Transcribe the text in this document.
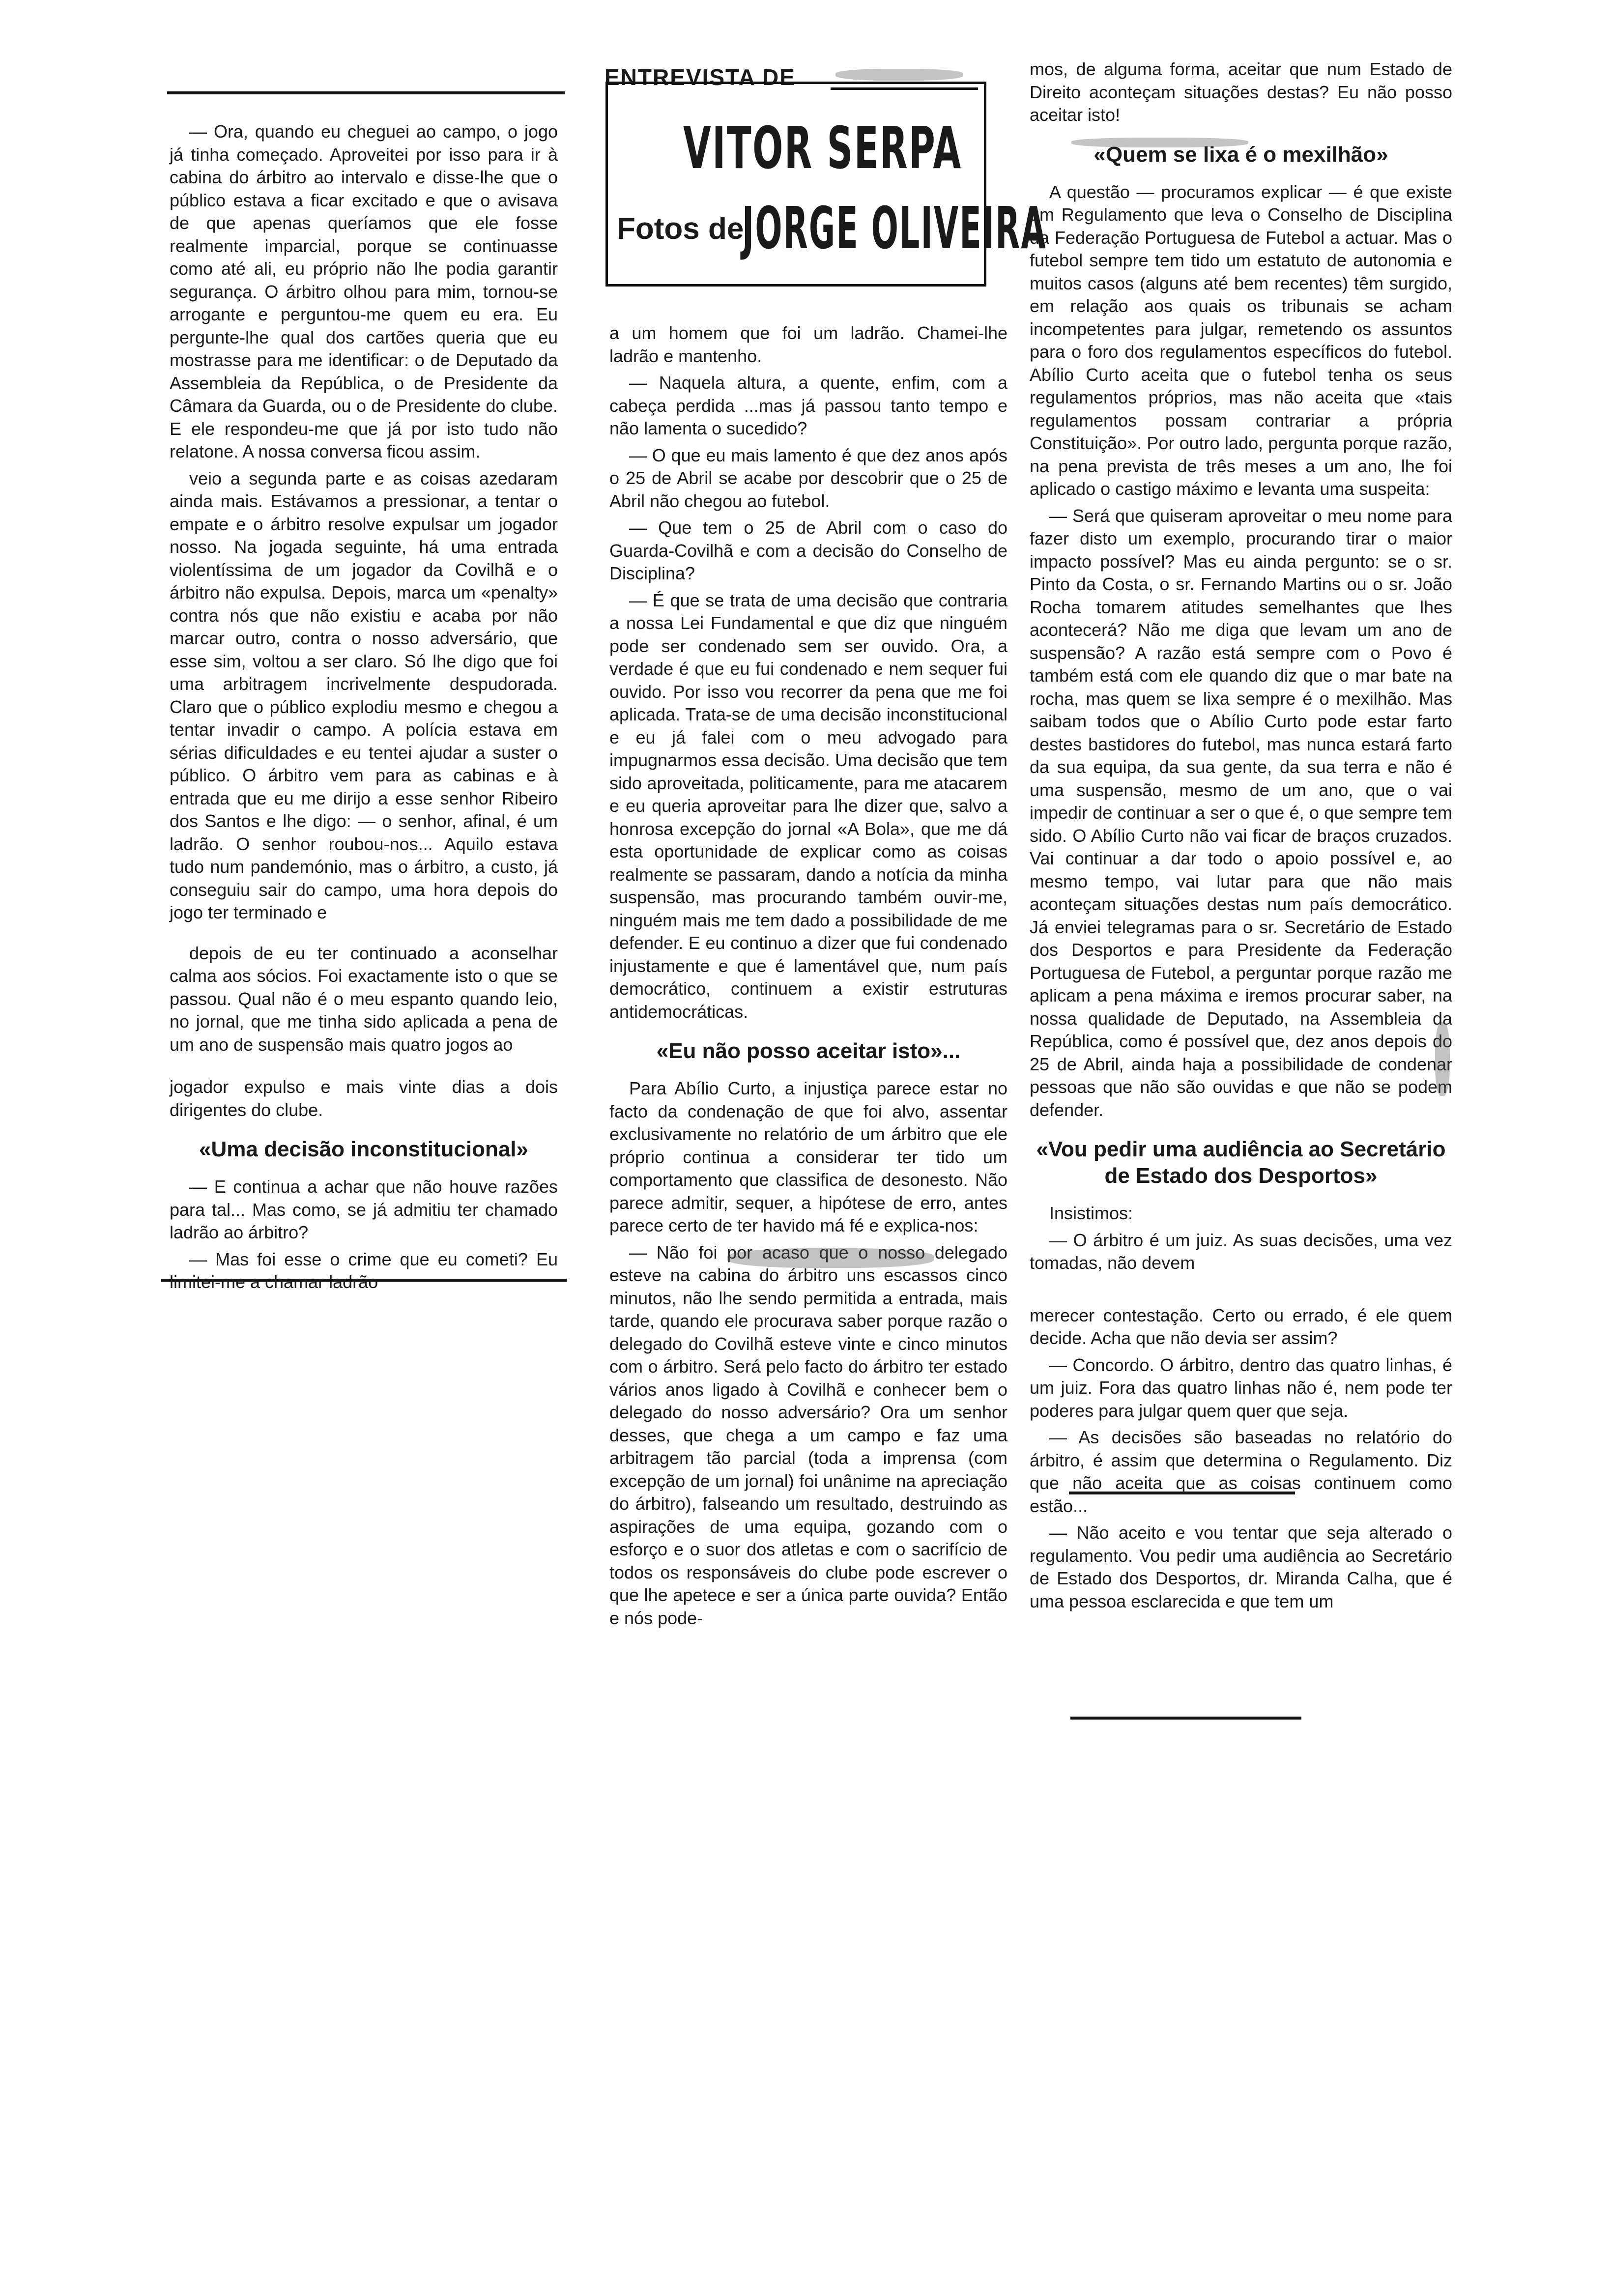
ENTREVISTA DE
VITOR SERPA
Fotos de
JORGE OLIVEIRA

— Ora, quando eu cheguei ao campo, o jogo já tinha começado. Aproveitei por isso para ir à cabina do árbitro ao intervalo e disse-lhe que o público estava a ficar excitado e que o avisava de que apenas queríamos que ele fosse realmente imparcial, porque se continuasse como até ali, eu próprio não lhe podia garantir segurança. O árbitro olhou para mim, tornou-se arrogante e perguntou-me quem eu era. Eu pergunte-lhe qual dos cartões queria que eu mostrasse para me identificar: o de Deputado da Assembleia da República, o de Presidente da Câmara da Guarda, ou o de Presidente do clube. E ele respondeu-me que já por isto tudo não relatone. A nossa conversa ficou assim.

veio a segunda parte e as coisas azedaram ainda mais. Estávamos a pressionar, a tentar o empate e o árbitro resolve expulsar um jogador nosso. Na jogada seguinte, há uma entrada violentíssima de um jogador da Covilhã e o árbitro não expulsa. Depois, marca um «penalty» contra nós que não existiu e acaba por não marcar outro, contra o nosso adversário, que esse sim, voltou a ser claro. Só lhe digo que foi uma arbitragem incrivelmente despudorada. Claro que o público explodiu mesmo e chegou a tentar invadir o campo. A polícia estava em sérias dificuldades e eu tentei ajudar a suster o público. O árbitro vem para as cabinas e à entrada que eu me dirijo a esse senhor Ribeiro dos Santos e lhe digo: — o senhor, afinal, é um ladrão. O senhor roubou-nos... Aquilo estava tudo num pandemónio, mas o árbitro, a custo, já conseguiu sair do campo, uma hora depois do jogo ter terminado e

depois de eu ter continuado a aconselhar calma aos sócios. Foi exactamente isto o que se passou. Qual não é o meu espanto quando leio, no jornal, que me tinha sido aplicada a pena de um ano de suspensão mais quatro jogos ao

jogador expulso e mais vinte dias a dois dirigentes do clube.

«Uma decisão inconstitucional»

— E continua a achar que não houve razões para tal... Mas como, se já admitiu ter chamado ladrão ao árbitro?

— Mas foi esse o crime que eu cometi? Eu limitei-me a chamar ladrão

a um homem que foi um ladrão. Chamei-lhe ladrão e mantenho.

— Naquela altura, a quente, enfim, com a cabeça perdida ...mas já passou tanto tempo e não lamenta o sucedido?

— O que eu mais lamento é que dez anos após o 25 de Abril se acabe por descobrir que o 25 de Abril não chegou ao futebol.

— Que tem o 25 de Abril com o caso do Guarda-Covilhã e com a decisão do Conselho de Disciplina?

— É que se trata de uma decisão que contraria a nossa Lei Fundamental e que diz que ninguém pode ser condenado sem ser ouvido. Ora, a verdade é que eu fui condenado e nem sequer fui ouvido. Por isso vou recorrer da pena que me foi aplicada. Trata-se de uma decisão inconstitucional e eu já falei com o meu advogado para impugnarmos essa decisão. Uma decisão que tem sido aproveitada, politicamente, para me atacarem e eu queria aproveitar para lhe dizer que, salvo a honrosa excepção do jornal «A Bola», que me dá esta oportunidade de explicar como as coisas realmente se passaram, dando a notícia da minha suspensão, mas procurando também ouvir-me, ninguém mais me tem dado a possibilidade de me defender. E eu continuo a dizer que fui condenado injustamente e que é lamentável que, num país democrático, continuem a existir estruturas antidemocráticas.

«Eu não posso aceitar isto»...

Para Abílio Curto, a injustiça parece estar no facto da condenação de que foi alvo, assentar exclusivamente no relatório de um árbitro que ele próprio continua a considerar ter tido um comportamento que classifica de desonesto. Não parece admitir, sequer, a hipótese de erro, antes parece certo de ter havido má fé e explica-nos:

— Não foi por acaso que o nosso delegado esteve na cabina do árbitro uns escassos cinco minutos, não lhe sendo permitida a entrada, mais tarde, quando ele procurava saber porque razão o delegado do Covilhã esteve vinte e cinco minutos com o árbitro. Será pelo facto do árbitro ter estado vários anos ligado à Covilhã e conhecer bem o delegado do nosso adversário? Ora um senhor desses, que chega a um campo e faz uma arbitragem tão parcial (toda a imprensa (com excepção de um jornal) foi unânime na apreciação do árbitro), falseando um resultado, destruindo as aspirações de uma equipa, gozando com o esforço e o suor dos atletas e com o sacrifício de todos os responsáveis do clube pode escrever o que lhe apetece e ser a única parte ouvida? Então e nós pode-

mos, de alguma forma, aceitar que num Estado de Direito aconteçam situações destas? Eu não posso aceitar isto!

«Quem se lixa é o mexilhão»

A questão — procuramos explicar — é que existe um Regulamento que leva o Conselho de Disciplina da Federação Portuguesa de Futebol a actuar. Mas o futebol sempre tem tido um estatuto de autonomia e muitos casos (alguns até bem recentes) têm surgido, em relação aos quais os tribunais se acham incompetentes para julgar, remetendo os assuntos para o foro dos regulamentos específicos do futebol. Abílio Curto aceita que o futebol tenha os seus regulamentos próprios, mas não aceita que «tais regulamentos possam contrariar a própria Constituição». Por outro lado, pergunta porque razão, na pena prevista de três meses a um ano, lhe foi aplicado o castigo máximo e levanta uma suspeita:

— Será que quiseram aproveitar o meu nome para fazer disto um exemplo, procurando tirar o maior impacto possível? Mas eu ainda pergunto: se o sr. Pinto da Costa, o sr. Fernando Martins ou o sr. João Rocha tomarem atitudes semelhantes que lhes acontecerá? Não me diga que levam um ano de suspensão? A razão está sempre com o Povo é também está com ele quando diz que o mar bate na rocha, mas quem se lixa sempre é o mexilhão. Mas saibam todos que o Abílio Curto pode estar farto destes bastidores do futebol, mas nunca estará farto da sua equipa, da sua gente, da sua terra e não é uma suspensão, mesmo de um ano, que o vai impedir de continuar a ser o que é, o que sempre tem sido. O Abílio Curto não vai ficar de braços cruzados. Vai continuar a dar todo o apoio possível e, ao mesmo tempo, vai lutar para que não mais aconteçam situações destas num país democrático. Já enviei telegramas para o sr. Secretário de Estado dos Desportos e para Presidente da Federação Portuguesa de Futebol, a perguntar porque razão me aplicam a pena máxima e iremos procurar saber, na nossa qualidade de Deputado, na Assembleia da República, como é possível que, dez anos depois do 25 de Abril, ainda haja a possibilidade de condenar pessoas que não são ouvidas e que não se podem defender.

«Vou pedir uma audiência ao Secretário de Estado dos Desportos»

Insistimos:

— O árbitro é um juiz. As suas decisões, uma vez tomadas, não devem

merecer contestação. Certo ou errado, é ele quem decide. Acha que não devia ser assim?

— Concordo. O árbitro, dentro das quatro linhas, é um juiz. Fora das quatro linhas não é, nem pode ter poderes para julgar quem quer que seja.

— As decisões são baseadas no relatório do árbitro, é assim que determina o Regulamento. Diz que não aceita que as coisas continuem como estão...

— Não aceito e vou tentar que seja alterado o regulamento. Vou pedir uma audiência ao Secretário de Estado dos Desportos, dr. Miranda Calha, que é uma pessoa esclarecida e que tem um
